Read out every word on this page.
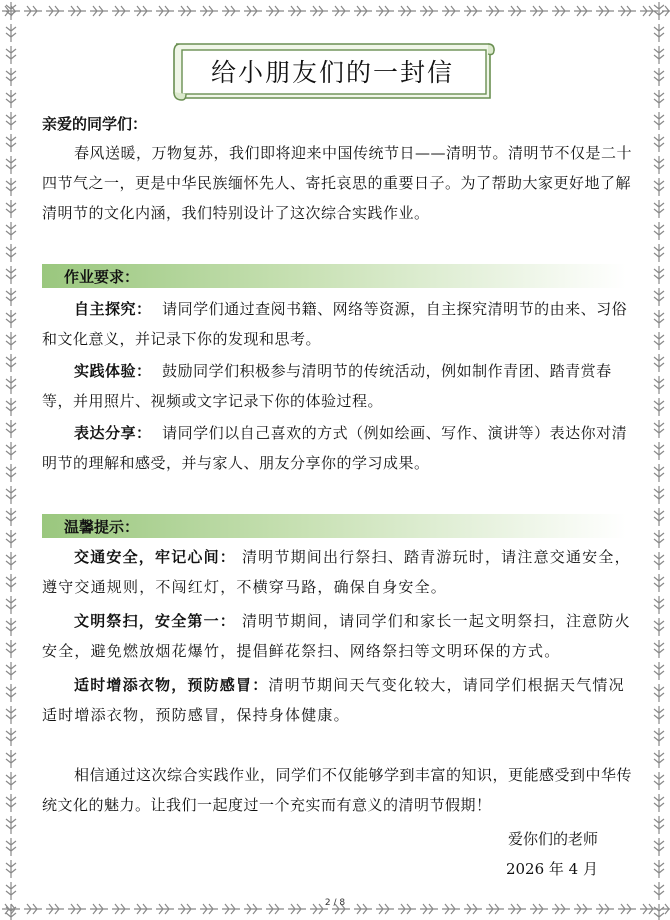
给小朋友们的一封信
亲爱的同学们：
春风送暖，万物复苏，我们即将迎来中国传统节日——清明节。清明节不仅是二十四节气之一，更是中华民族缅怀先人、寄托哀思的重要日子。为了帮助大家更好地了解清明节的文化内涵，我们特别设计了这次综合实践作业。
作业要求：
自主探究： 请同学们通过查阅书籍、网络等资源，自主探究清明节的由来、习俗和文化意义，并记录下你的发现和思考。
实践体验： 鼓励同学们积极参与清明节的传统活动，例如制作青团、踏青赏春等，并用照片、视频或文字记录下你的体验过程。
表达分享： 请同学们以自己喜欢的方式（例如绘画、写作、演讲等）表达你对清明节的理解和感受，并与家人、朋友分享你的学习成果。
温馨提示：
交通安全，牢记心间： 清明节期间出行祭扫、踏青游玩时，请注意交通安全，遵守交通规则，不闯红灯，不横穿马路，确保自身安全。
文明祭扫，安全第一： 清明节期间，请同学们和家长一起文明祭扫，注意防火安全，避免燃放烟花爆竹，提倡鲜花祭扫、网络祭扫等文明环保的方式。
适时增添衣物，预防感冒：清明节期间天气变化较大，请同学们根据天气情况适时增添衣物，预防感冒，保持身体健康。
相信通过这次综合实践作业，同学们不仅能够学到丰富的知识，更能感受到中华传统文化的魅力。让我们一起度过一个充实而有意义的清明节假期！
爱你们的老师
2026 年 4 月
2 / 8
